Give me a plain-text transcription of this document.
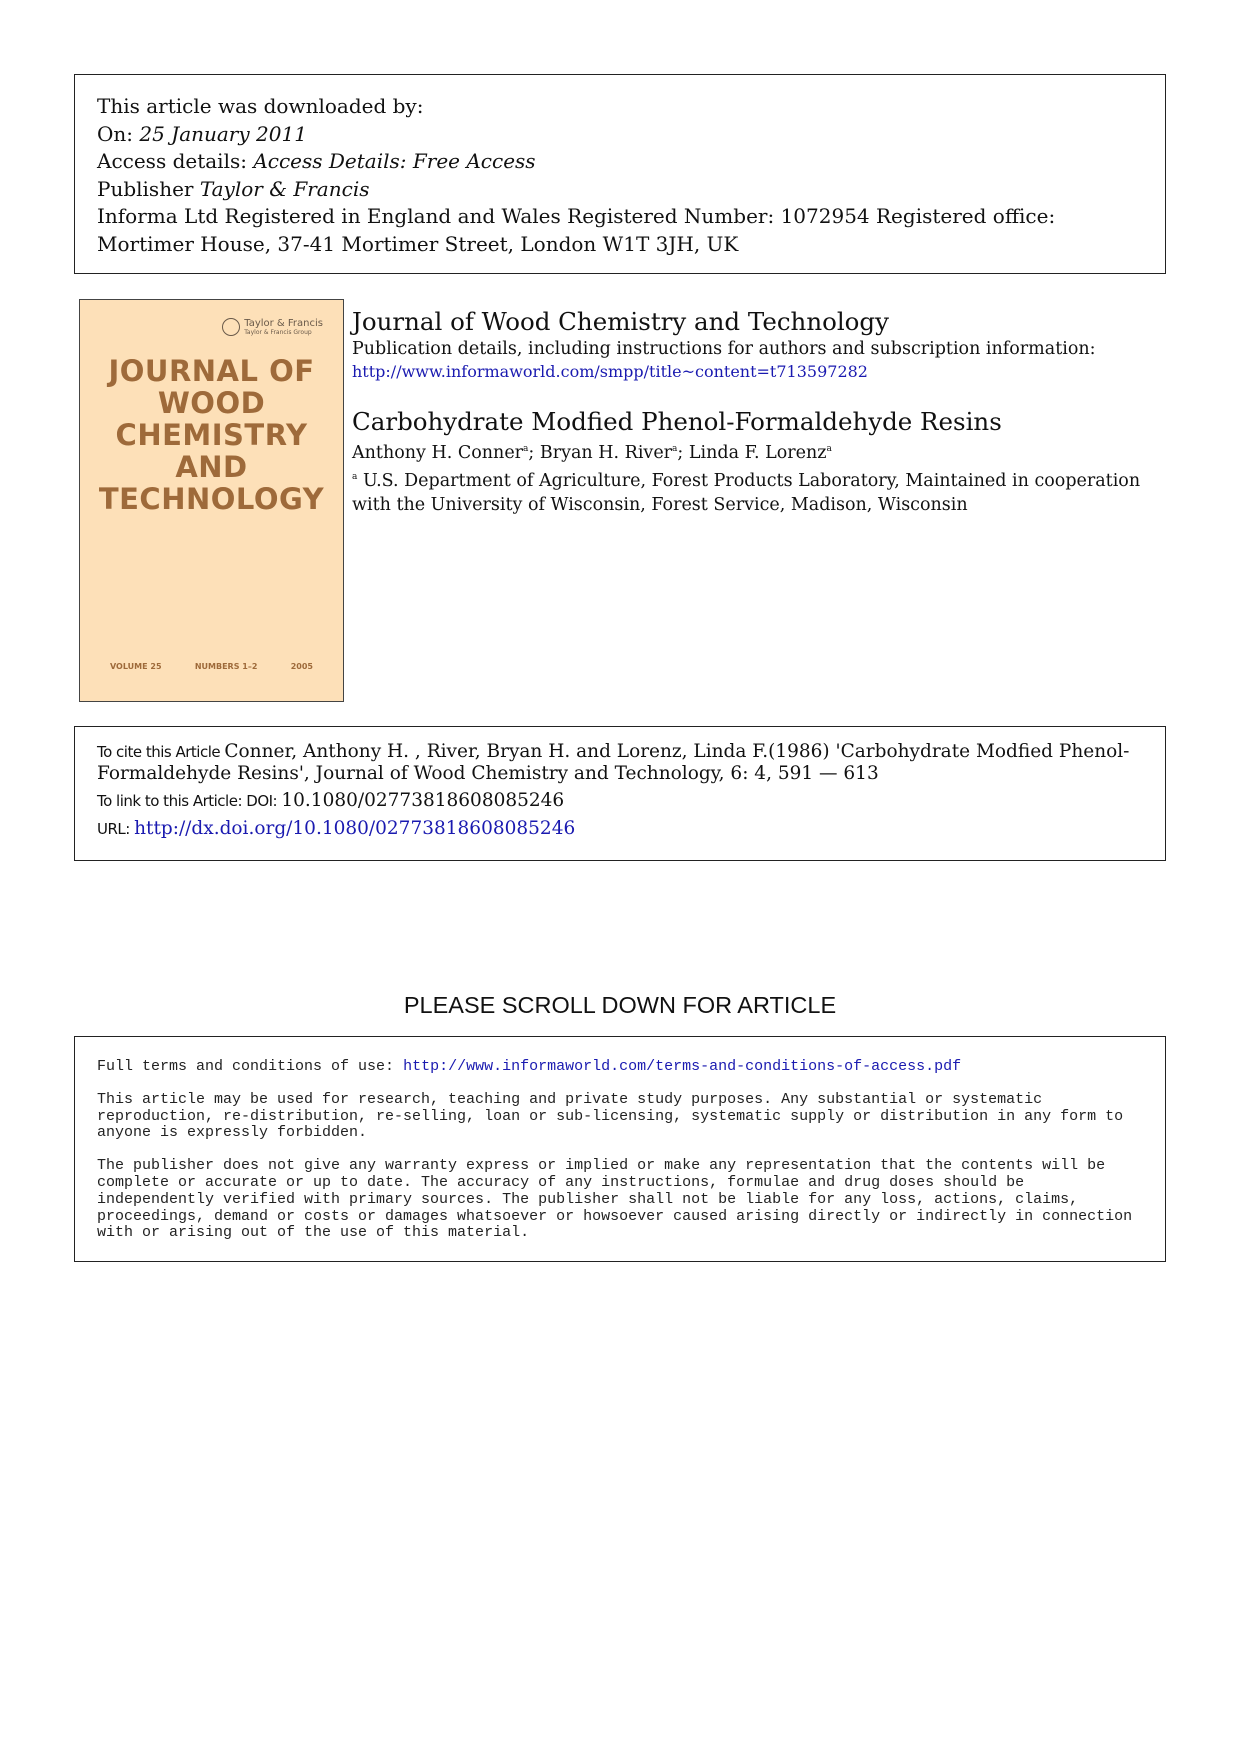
This article was downloaded by:
On: 25 January 2011
Access details: Access Details: Free Access
Publisher Taylor & Francis
Informa Ltd Registered in England and Wales Registered Number: 1072954 Registered office: Mortimer House, 37-41 Mortimer Street, London W1T 3JH, UK
Taylor & Francis
Taylor & Francis Group
JOURNAL OF
WOOD
CHEMISTRY
AND
TECHNOLOGY
VOLUME 25	NUMBERS 1–2	2005
Journal of Wood Chemistry and Technology
Publication details, including instructions for authors and subscription information:
http://www.informaworld.com/smpp/title~content=t713597282
Carbohydrate Modfied Phenol-Formaldehyde Resins
Anthony H. Conner$^a$; Bryan H. River$^a$; Linda F. Lorenz$^a$
$^a$ U.S. Department of Agriculture, Forest Products Laboratory, Maintained in cooperation with the University of Wisconsin, Forest Service, Madison, Wisconsin
To cite this Article Conner, Anthony H. , River, Bryan H. and Lorenz, Linda F.(1986) 'Carbohydrate Modfied Phenol-Formaldehyde Resins', Journal of Wood Chemistry and Technology, 6: 4, 591 — 613
To link to this Article: DOI: 10.1080/02773818608085246
URL: http://dx.doi.org/10.1080/02773818608085246
PLEASE SCROLL DOWN FOR ARTICLE

Full terms and conditions of use: http://www.informaworld.com/terms-and-conditions-of-access.pdf

This article may be used for research, teaching and private study purposes. Any substantial or systematic reproduction, re-distribution, re-selling, loan or sub-licensing, systematic supply or distribution in any form to anyone is expressly forbidden.

The publisher does not give any warranty express or implied or make any representation that the contents will be complete or accurate or up to date. The accuracy of any instructions, formulae and drug doses should be independently verified with primary sources. The publisher shall not be liable for any loss, actions, claims, proceedings, demand or costs or damages whatsoever or howsoever caused arising directly or indirectly in connection with or arising out of the use of this material.
